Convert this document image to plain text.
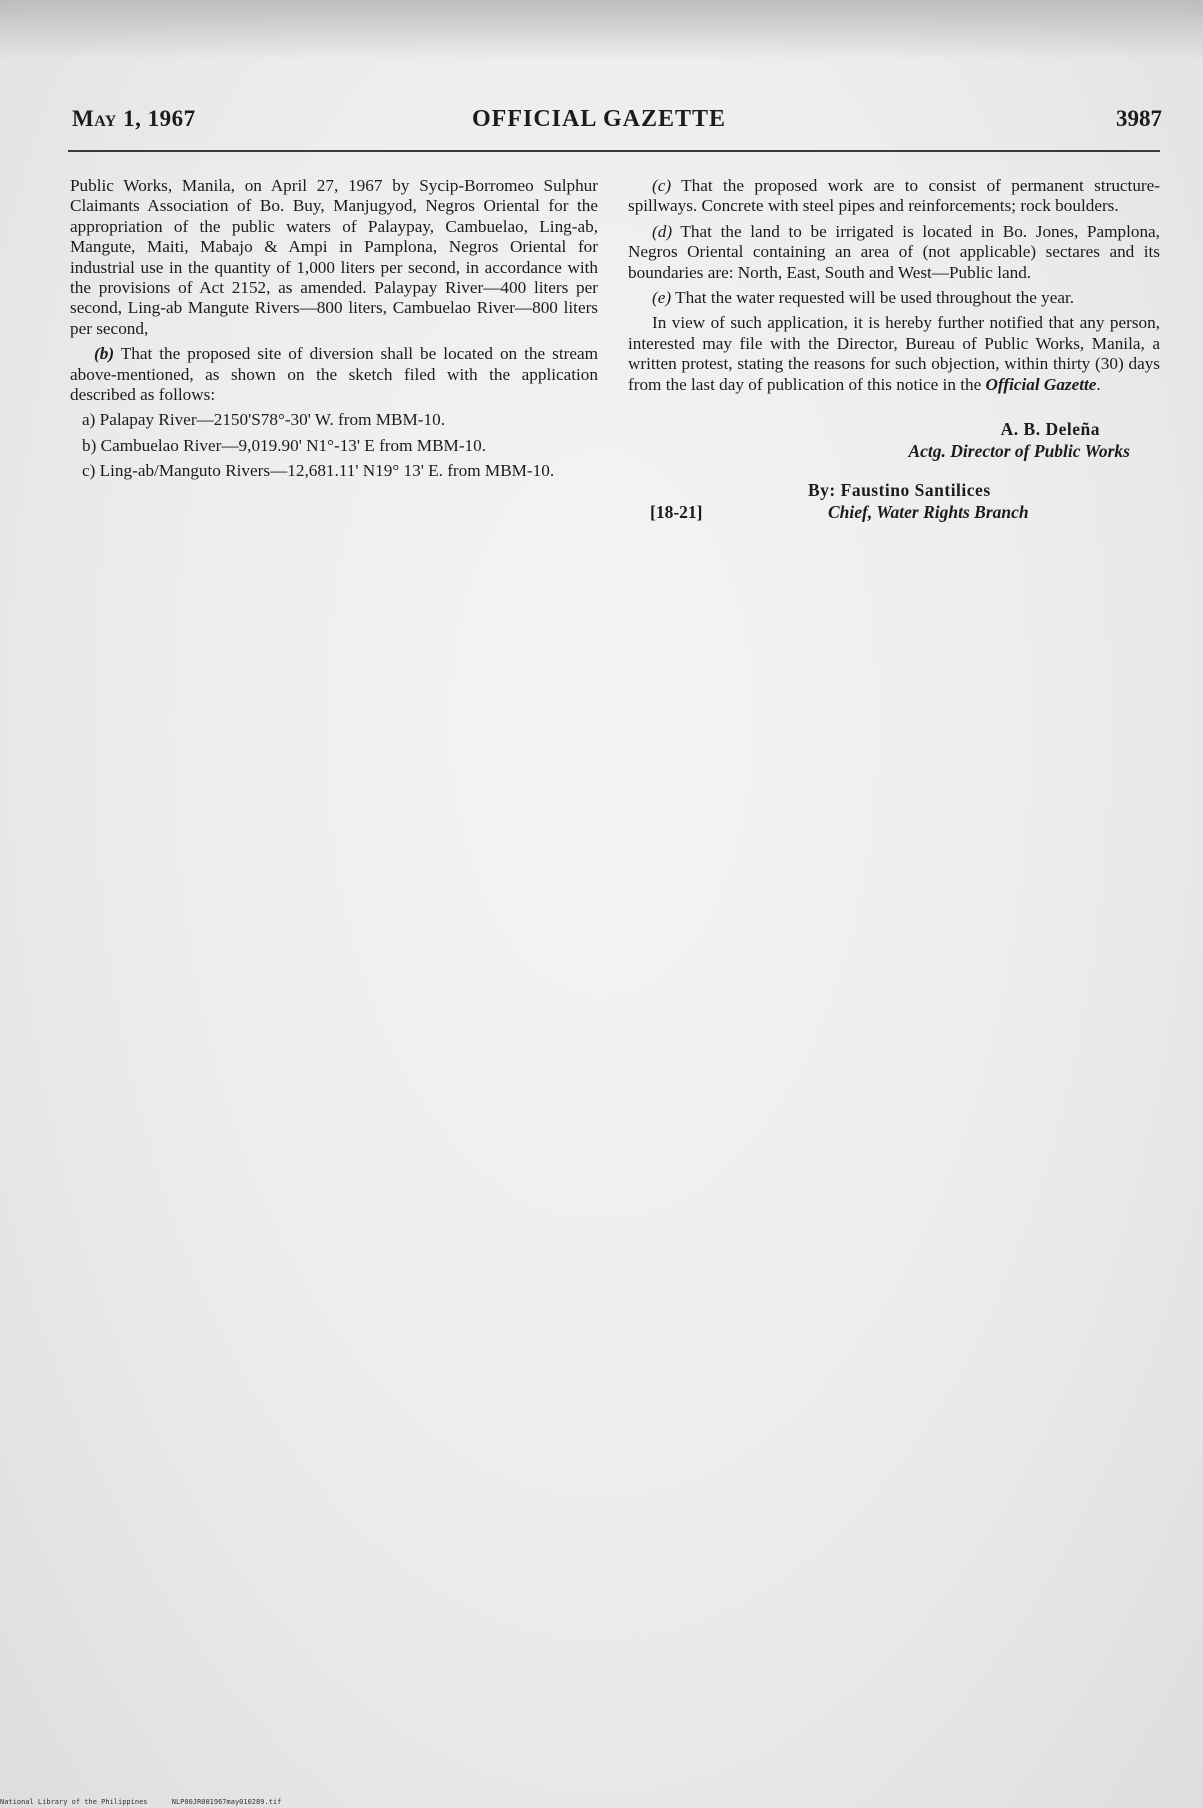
May 1, 1967	OFFICIAL GAZETTE	3987

Public Works, Manila, on April 27, 1967 by Sycip-Borromeo Sulphur Claimants Association of Bo. Buy, Manjugyod, Negros Oriental for the appropriation of the public waters of Palaypay, Cambuelao, Ling-ab, Mangute, Maiti, Mabajo & Ampi in Pamplona, Negros Oriental for industrial use in the quantity of 1,000 liters per second, in accordance with the provisions of Act 2152, as amended. Palaypay River—400 liters per second, Ling-ab Mangute Rivers—800 liters, Cambuelao River—800 liters per second,

(b) That the proposed site of diversion shall be located on the stream above-mentioned, as shown on the sketch filed with the application described as follows:

a) Palapay River—2150'S78°-30' W. from MBM-10.

b) Cambuelao River—9,019.90' N1°-13' E from MBM-10.

c) Ling-ab/Manguto Rivers—12,681.11' N19° 13' E. from MBM-10.

(c) That the proposed work are to consist of permanent structure-spillways. Concrete with steel pipes and reinforcements; rock boulders.

(d) That the land to be irrigated is located in Bo. Jones, Pamplona, Negros Oriental containing an area of (not applicable) sectares and its boundaries are: North, East, South and West—Public land.

(e) That the water requested will be used throughout the year.

In view of such application, it is hereby further notified that any person, interested may file with the Director, Bureau of Public Works, Manila, a written protest, stating the reasons for such objection, within thirty (30) days from the last day of publication of this notice in the Official Gazette.

A. B. Deleña
Actg. Director of Public Works
[18-21]
By: Faustino Santilices
Chief, Water Rights Branch
National Library of the Philippines	NLP00JR001967may010289.tif
